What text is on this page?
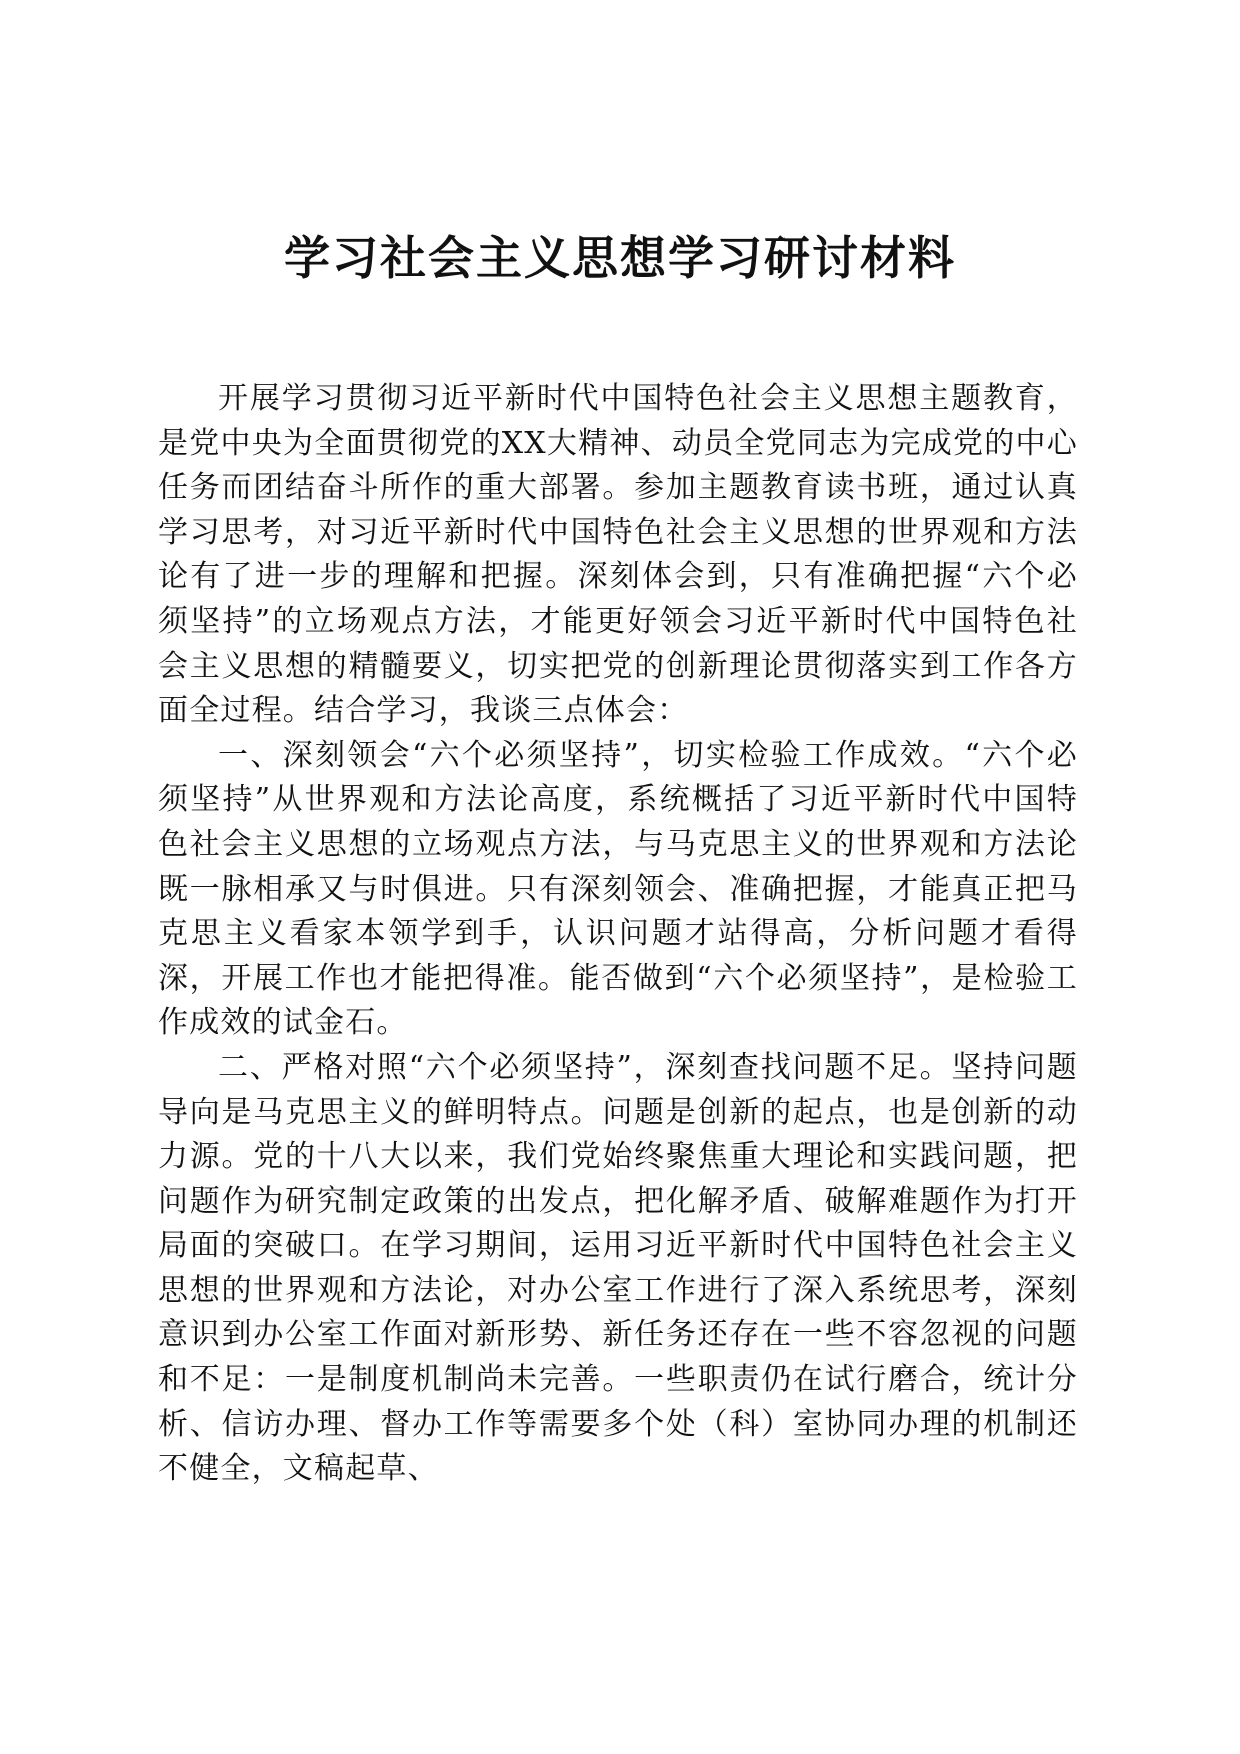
学习社会主义思想学习研讨材料

开展学习贯彻习近平新时代中国特色社会主义思想主题教育，是党中央为全面贯彻党的XX大精神、动员全党同志为完成党的中心任务而团结奋斗所作的重大部署。参加主题教育读书班，通过认真学习思考，对习近平新时代中国特色社会主义思想的世界观和方法论有了进一步的理解和把握。深刻体会到，只有准确把握“六个必须坚持”的立场观点方法，才能更好领会习近平新时代中国特色社会主义思想的精髓要义，切实把党的创新理论贯彻落实到工作各方面全过程。结合学习，我谈三点体会：

一、深刻领会“六个必须坚持”，切实检验工作成效。“六个必须坚持”从世界观和方法论高度，系统概括了习近平新时代中国特色社会主义思想的立场观点方法，与马克思主义的世界观和方法论既一脉相承又与时俱进。只有深刻领会、准确把握，才能真正把马克思主义看家本领学到手，认识问题才站得高，分析问题才看得深，开展工作也才能把得准。能否做到“六个必须坚持”，是检验工作成效的试金石。

二、严格对照“六个必须坚持”，深刻查找问题不足。坚持问题导向是马克思主义的鲜明特点。问题是创新的起点，也是创新的动力源。党的十八大以来，我们党始终聚焦重大理论和实践问题，把问题作为研究制定政策的出发点，把化解矛盾、破解难题作为打开局面的突破口。在学习期间，运用习近平新时代中国特色社会主义思想的世界观和方法论，对办公室工作进行了深入系统思考，深刻意识到办公室工作面对新形势、新任务还存在一些不容忽视的问题和不足：一是制度机制尚未完善。一些职责仍在试行磨合，统计分析、信访办理、督办工作等需要多个处（科）室协同办理的机制还不健全，文稿起草、
